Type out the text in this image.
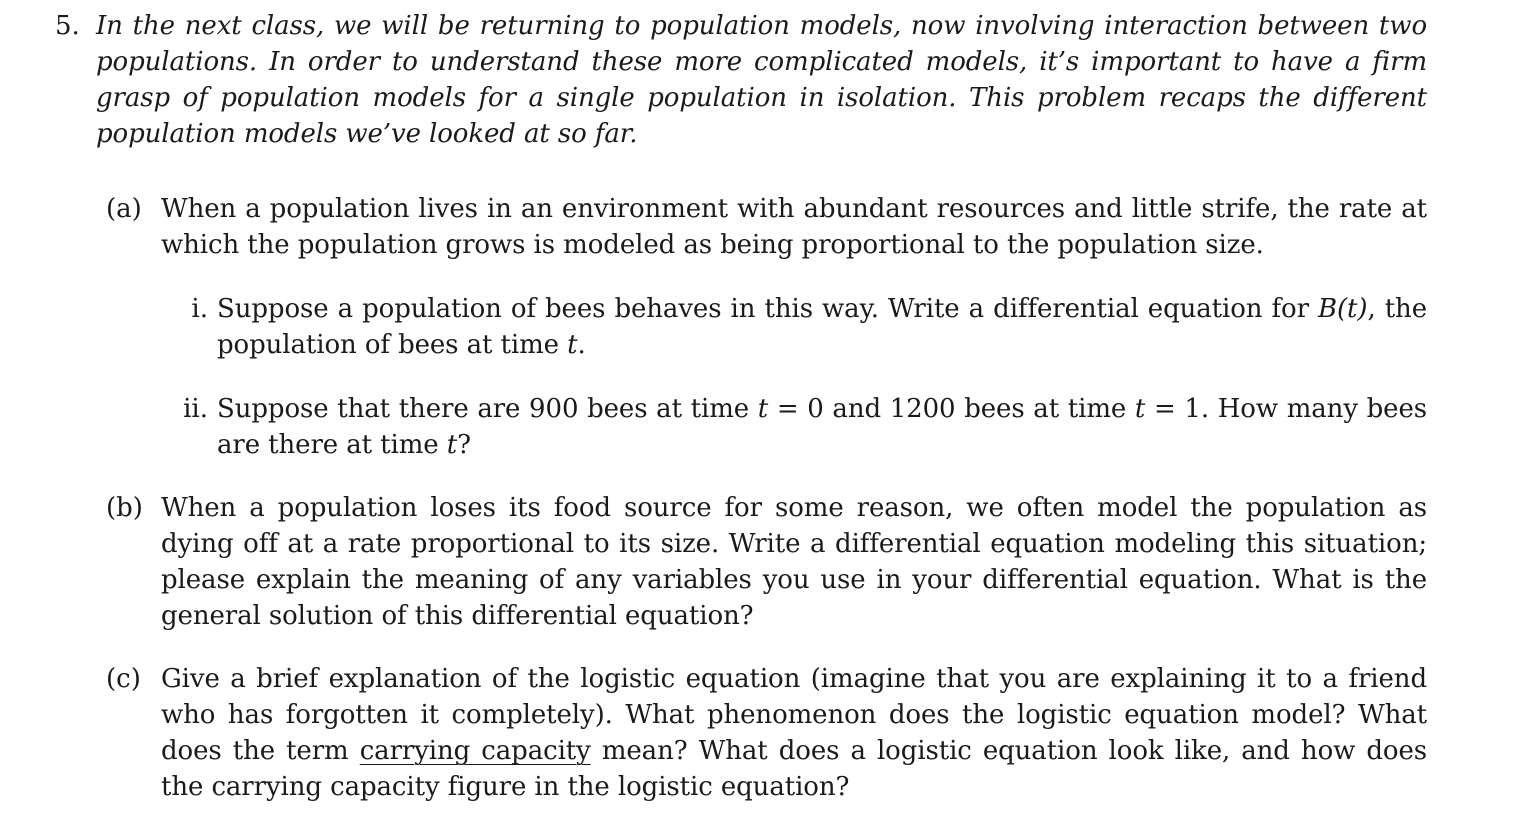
5. In the next class, we will be returning to population models, now involving interaction between two populations. In order to understand these more complicated models, it’s important to have a firm grasp of population models for a single population in isolation. This problem recaps the different population models we’ve looked at so far.
(a) When a population lives in an environment with abundant resources and little strife, the rate at which the population grows is modeled as being proportional to the population size.
i. Suppose a population of bees behaves in this way. Write a differential equation for B(t), the population of bees at time t.
ii. Suppose that there are 900 bees at time t = 0 and 1200 bees at time t = 1. How many bees are there at time t?
(b) When a population loses its food source for some reason, we often model the population as dying off at a rate proportional to its size. Write a differential equation modeling this situation; please explain the meaning of any variables you use in your differential equation. What is the general solution of this differential equation?
(c) Give a brief explanation of the logistic equation (imagine that you are explaining it to a friend who has forgotten it completely). What phenomenon does the logistic equation model? What does the term carrying capacity mean? What does a logistic equation look like, and how does the carrying capacity figure in the logistic equation?
